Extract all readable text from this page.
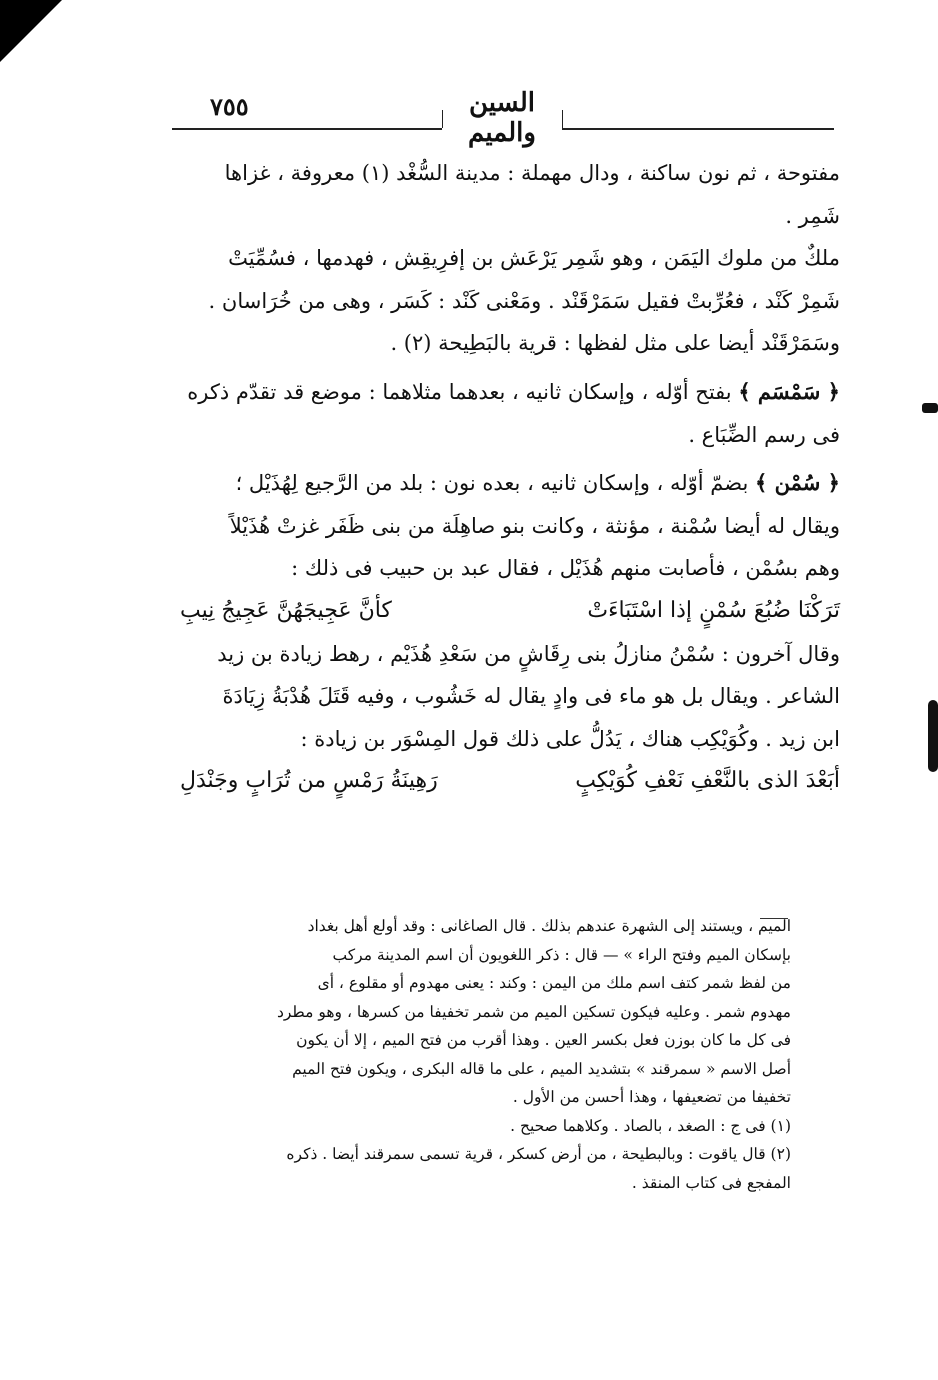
٧٥٥	السين والميم

مفتوحة ، ثم نون ساكنة ، ودال مهملة : مدينة السُّغْد (١) معروفة ، غزاها شَمِر .

ملكٌ من ملوك اليَمَن ، وهو شَمِر يَرْعَش بن إفرِيقِش ، فهدمها ، فسُمِّيَتْ

شَمِرْ كَنْد ، فعُرِّبتْ فقيل سَمَرْقَنْد . ومَعْنى كَنْد : كَسَر ، وهى من خُرَاسان .

وسَمَرْقَنْد أيضا على مثل لفظها : قرية بالبَطِيحة (٢) .

﴿ سَمْسَم ﴾ بفتح أوّله ، وإسكان ثانيه ، بعدهما مثلاهما : موضع قد تقدّم ذكره

فى رسم الضِّبَاع .

﴿ سُمْن ﴾ بضمّ أوّله ، وإسكان ثانيه ، بعده نون : بلد من الرَّجيع لِهُذَيْل ؛

ويقال له أيضا سُمْنة ، مؤنثة ، وكانت بنو صاهِلَة من بنى ظَفَر غزتْ هُذَيْلاً

وهم بسُمْن ، فأصابت منهم هُذَيْل ، فقال عبد بن حبيب فى ذلك :

تَرَكْنَا ضُبُعَ سُمْنٍ إذا اسْتَبَاءَتْ
كأنَّ عَجِيجَهُنَّ عَجِيجُ نِيبِ

وقال آخرون : سُمْنُ منازلُ بنى رِقَاشٍ من سَعْدِ هُذَيْم ، رهط زيادة بن زيد

الشاعر . ويقال بل هو ماء فى وادٍ يقال له خَشُوب ، وفيه قَتَلَ هُدْبَةُ زِيَادَةَ

ابن زيد . وكُوَيْكِب هناك ، يَدُلُّ على ذلك قول المِسْوَر بن زيادة :

أبَعْدَ الذى بالنَّعْفِ نَعْفِ كُوَيْكِبٍ
رَهِينَةُ رَمْسٍ من تُرَابٍ وجَنْدَلِ

الميم ، ويستند إلى الشهرة عندهم بذلك . قال الصاغانى : وقد أولع أهل بغداد

بإسكان الميم وفتح الراء » — قال : ذكر اللغويون أن اسم المدينة مركب

من لفظ شمر كتف اسم ملك من اليمن : وكند : يعنى مهدوم أو مقلوع ، أى

مهدوم شمر . وعليه فيكون تسكين الميم من شمر تخفيفا من كسرها ، وهو مطرد

فى كل ما كان بوزن فعل بكسر العين . وهذا أقرب من فتح الميم ، إلا أن يكون

أصل الاسم « سمرقند » بتشديد الميم ، على ما قاله البكرى ، ويكون فتح الميم

تخفيفا من تضعيفها ، وهذا أحسن من الأول .

(١) فى ج : الصغد ، بالصاد . وكلاهما صحيح .

(٢) قال ياقوت : وبالبطيحة ، من أرض كسكر ، قرية تسمى سمرقند أيضا . ذكره

المفجع فى كتاب المنقذ .
